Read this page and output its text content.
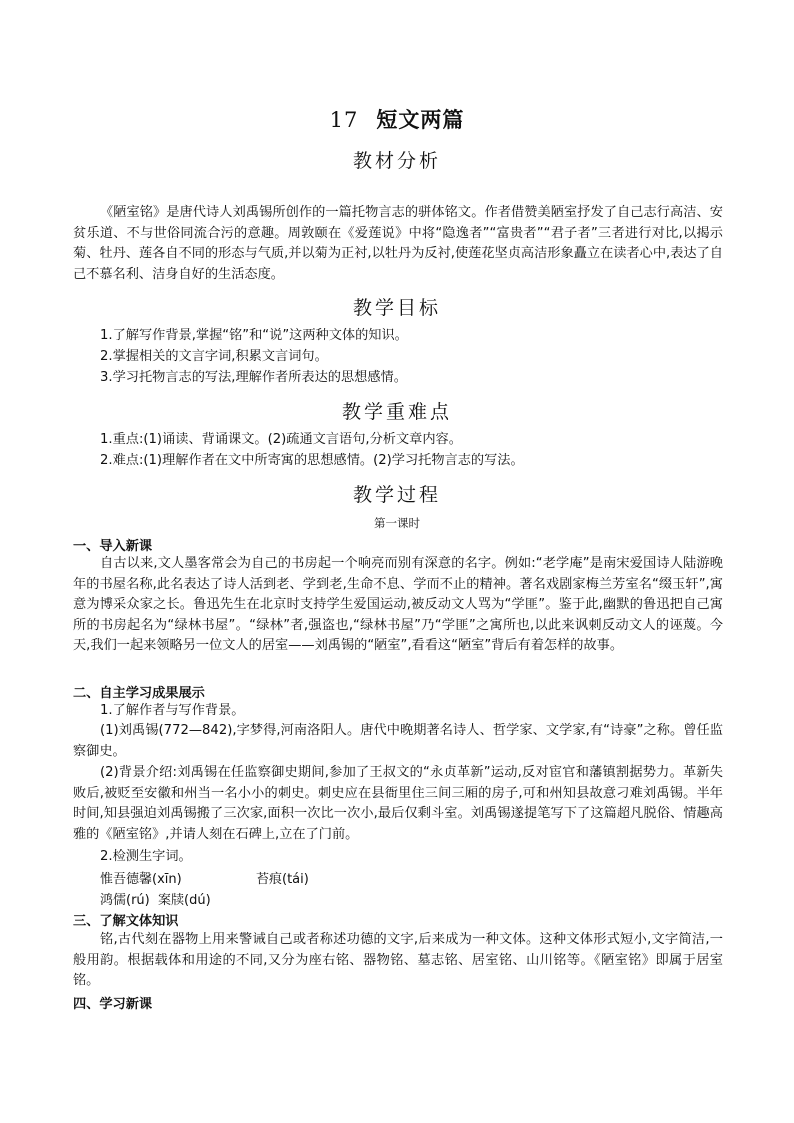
17 短文两篇
教材分析
《陋室铭》是唐代诗人刘禹锡所创作的一篇托物言志的骈体铭文。作者借赞美陋室抒发了自己志行高洁、安贫乐道、不与世俗同流合污的意趣。周敦颐在《爱莲说》中将“隐逸者”“富贵者”“君子者”三者进行对比,以揭示菊、牡丹、莲各自不同的形态与气质,并以菊为正衬,以牡丹为反衬,使莲花坚贞高洁形象矗立在读者心中,表达了自己不慕名利、洁身自好的生活态度。
教学目标
1.了解写作背景,掌握“铭”和“说”这两种文体的知识。
2.掌握相关的文言字词,积累文言词句。
3.学习托物言志的写法,理解作者所表达的思想感情。
教学重难点
1.重点:(1)诵读、背诵课文。(2)疏通文言语句,分析文章内容。
2.难点:(1)理解作者在文中所寄寓的思想感情。(2)学习托物言志的写法。
教学过程
第一课时
一、导入新课
自古以来,文人墨客常会为自己的书房起一个响亮而别有深意的名字。例如:“老学庵”是南宋爱国诗人陆游晚年的书屋名称,此名表达了诗人活到老、学到老,生命不息、学而不止的精神。著名戏剧家梅兰芳室名“缀玉轩”,寓意为博采众家之长。鲁迅先生在北京时支持学生爱国运动,被反动文人骂为“学匪”。鉴于此,幽默的鲁迅把自己寓所的书房起名为“绿林书屋”。“绿林”者,强盗也,“绿林书屋”乃“学匪”之寓所也,以此来讽刺反动文人的诬蔑。今天,我们一起来领略另一位文人的居室——刘禹锡的“陋室”,看看这“陋室”背后有着怎样的故事。
二、自主学习成果展示
1.了解作者与写作背景。
(1)刘禹锡(772—842),字梦得,河南洛阳人。唐代中晚期著名诗人、哲学家、文学家,有“诗豪”之称。曾任监察御史。
(2)背景介绍:刘禹锡在任监察御史期间,参加了王叔文的“永贞革新”运动,反对宦官和藩镇割据势力。革新失败后,被贬至安徽和州当一名小小的刺史。刺史应在县衙里住三间三厢的房子,可和州知县故意刁难刘禹锡。半年时间,知县强迫刘禹锡搬了三次家,面积一次比一次小,最后仅剩斗室。刘禹锡遂提笔写下了这篇超凡脱俗、情趣高雅的《陋室铭》,并请人刻在石碑上,立在了门前。
2.检测生字词。
惟吾德馨(xīn)	苔痕(tái)
鸿儒(rú) 案牍(dú)
三、了解文体知识
铭,古代刻在器物上用来警诫自己或者称述功德的文字,后来成为一种文体。这种文体形式短小,文字简洁,一般用韵。根据载体和用途的不同,又分为座右铭、器物铭、墓志铭、居室铭、山川铭等。《陋室铭》即属于居室铭。
四、学习新课
